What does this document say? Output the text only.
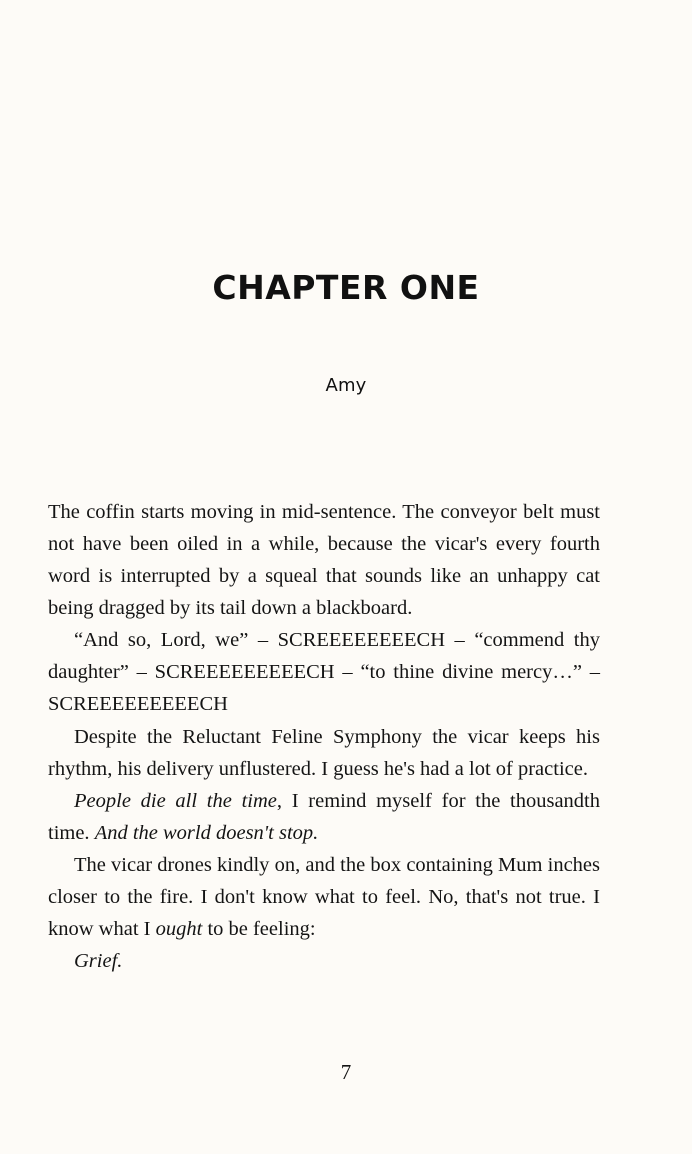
CHAPTER ONE
Amy

The coffin starts moving in mid-sentence. The conveyor belt must not have been oiled in a while, because the vicar's every fourth word is interrupted by a squeal that sounds like an unhappy cat being dragged by its tail down a blackboard.

“And so, Lord, we” – SCREEEEEEEECH – “commend thy daughter” – SCREEEEEEEEECH – “to thine divine mercy…” – SCREEEEEEEEECH

Despite the Reluctant Feline Symphony the vicar keeps his rhythm, his delivery unflustered. I guess he's had a lot of practice.

People die all the time, I remind myself for the thousandth time. And the world doesn't stop.

The vicar drones kindly on, and the box containing Mum inches closer to the fire. I don't know what to feel. No, that's not true. I know what I ought to be feeling:

Grief.

7
